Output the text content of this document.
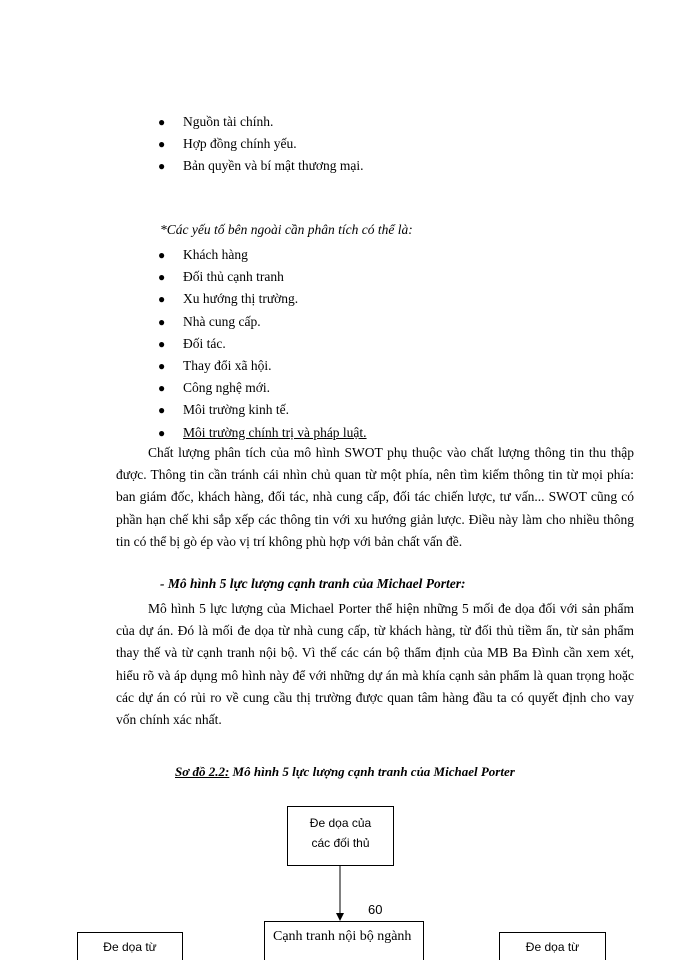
● Nguồn tài chính.
● Hợp đồng chính yếu.
● Bản quyền và bí mật thương mại.
*Các yếu tố bên ngoài cần phân tích có thể là:
● Khách hàng
● Đối thủ cạnh tranh
● Xu hướng thị trường.
● Nhà cung cấp.
● Đối tác.
● Thay đổi xã hội.
● Công nghệ mới.
● Môi trường kinh tế.
● Môi trường chính trị và pháp luật.

Chất lượng phân tích của mô hình SWOT phụ thuộc vào chất lượng thông tin thu thập được. Thông tin cần tránh cái nhìn chủ quan từ một phía, nên tìm kiếm thông tin từ mọi phía: ban giám đốc, khách hàng, đối tác, nhà cung cấp, đối tác chiến lược, tư vấn... SWOT cũng có phần hạn chế khi sắp xếp các thông tin với xu hướng giản lược. Điều này làm cho nhiều thông tin có thể bị gò ép vào vị trí không phù hợp với bản chất vấn đề.

- Mô hình 5 lực lượng cạnh tranh của Michael Porter:

Mô hình 5 lực lượng của Michael Porter thể hiện những 5 mối đe dọa đối với sản phẩm của dự án. Đó là mối đe dọa từ nhà cung cấp, từ khách hàng, từ đối thủ tiềm ẩn, từ sản phẩm thay thế và từ cạnh tranh nội bộ. Vì thế các cán bộ thẩm định của MB Ba Đình cần xem xét, hiểu rõ và áp dụng mô hình này để với những dự án mà khía cạnh sản phẩm là quan trọng hoặc các dự án có rủi ro về cung cầu thị trường được quan tâm hàng đầu ta có quyết định cho vay vốn chính xác nhất.

Sơ đồ 2.2: Mô hình 5 lực lượng cạnh tranh của Michael Porter
Đe dọa của
các đối thủ
60
Cạnh tranh nội bộ ngành
Đe dọa từ	Đe dọa từ
